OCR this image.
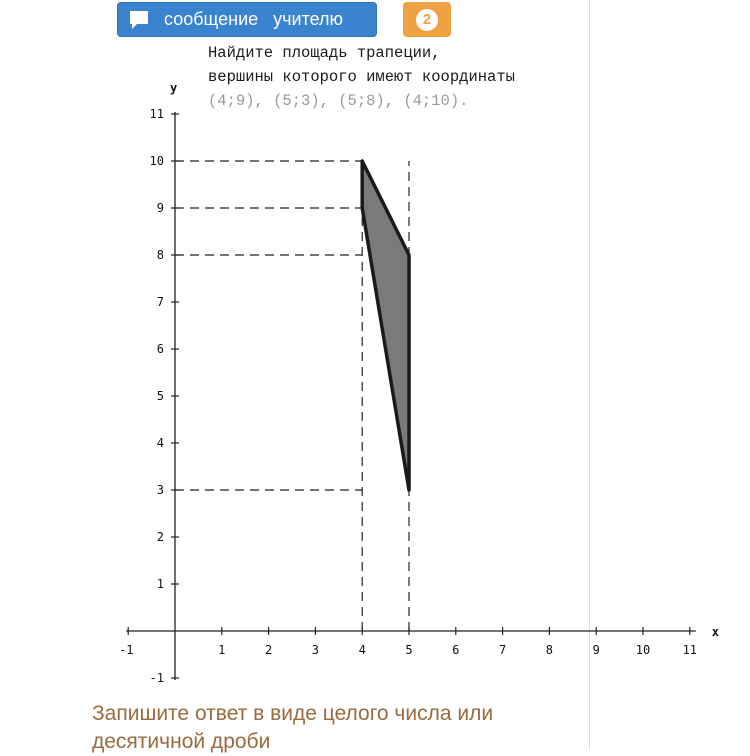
сообщение   учителю	2
Найдите площадь трапеции,
вершины которого имеют координаты
(4;9), (5;3), (5;8), (4;10).
-1	1	2	3	4	5	6	7	8	9	10	11
-1
1
2
3
4
5
6
7
8
9
10
11
x
y
Запишите ответ в виде целого числа или десятичной дроби
